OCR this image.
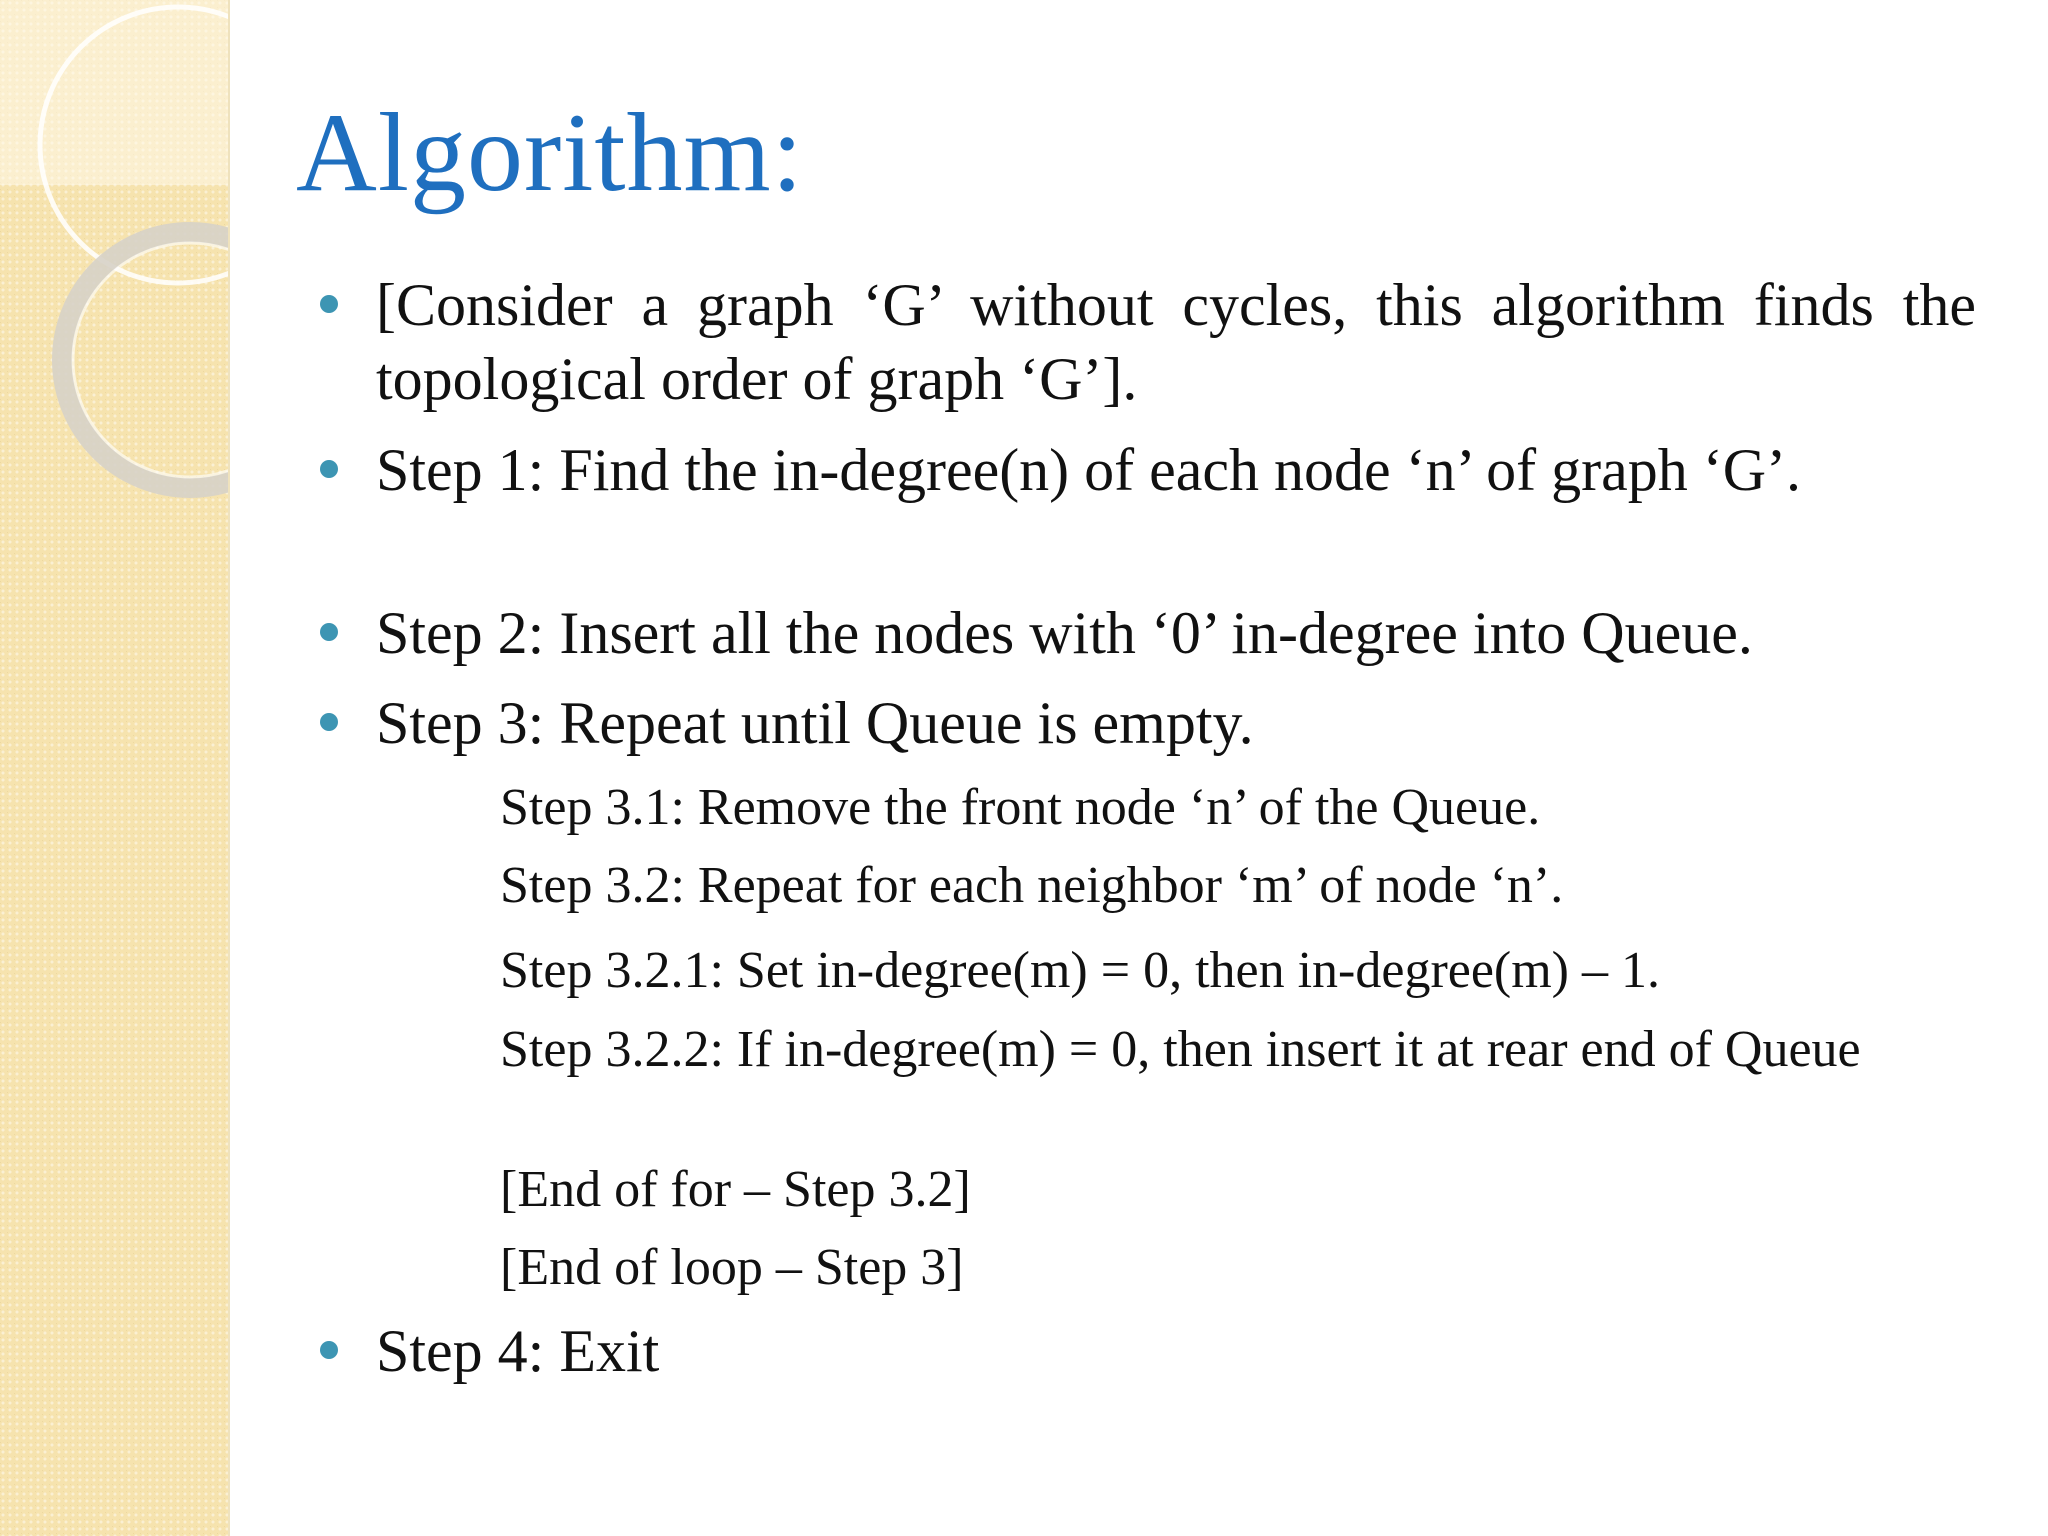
Algorithm:
[Consider a graph ‘G’ without cycles, this algorithm finds the topological order of graph ‘G’].
Step 1: Find the in-degree(n) of each node ‘n’ of graph ‘G’.
Step 2: Insert all the nodes with ‘0’ in-degree into Queue.
Step 3: Repeat until Queue is empty.
Step 4: Exit
Step 3.1: Remove the front node ‘n’ of the Queue.
Step 3.2: Repeat for each neighbor ‘m’ of node ‘n’.
Step 3.2.1: Set in-degree(m) = 0, then in-degree(m) – 1.
Step 3.2.2: If in-degree(m) = 0, then insert it at rear end of Queue
[End of for – Step 3.2]
[End of loop – Step 3]
